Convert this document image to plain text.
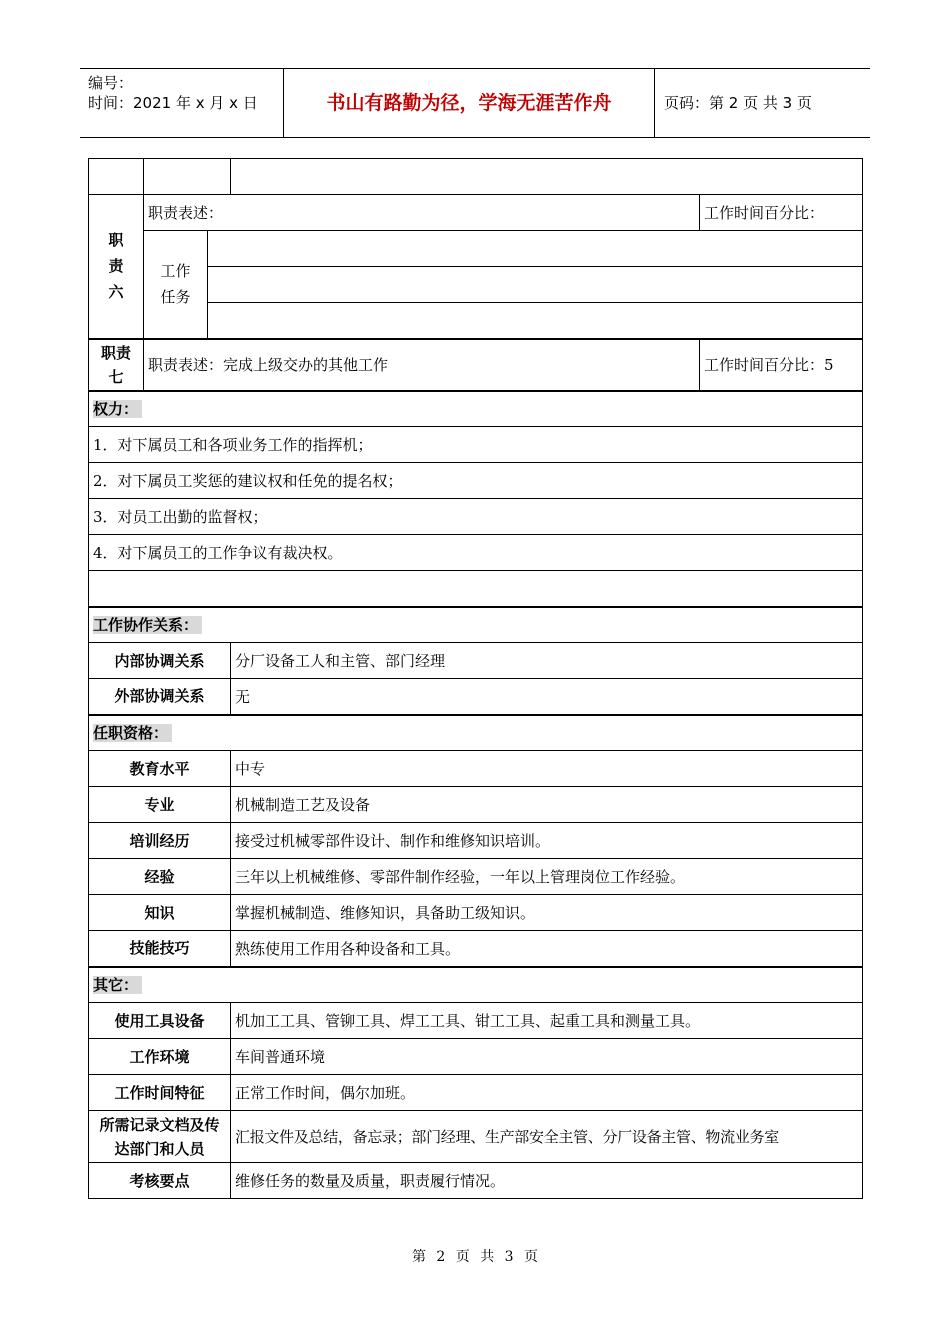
编号：
时间：2021 年 x 月 x 日	书山有路勤为径，学海无涯苦作舟	页码：第 2 页 共 3 页

职责六	职责表述：			工作时间百分比：

	工作任务			

职责七	职责表述：完成上级交办的其他工作			工作时间百分比：5
权力：				
1．对下属员工和各项业务工作的指挥机；				
2．对下属员工奖惩的建议权和任免的提名权；				
3．对员工出勤的监督权；				
4．对下属员工的工作争议有裁决权。				

工作协作关系：				
内部协调关系			分厂设备工人和主管、部门经理	
外部协调关系			无	
任职资格：				
教育水平			中专	
专业			机械制造工艺及设备	
培训经历			接受过机械零部件设计、制作和维修知识培训。	
经验			三年以上机械维修、零部件制作经验，一年以上管理岗位工作经验。	
知识			掌握机械制造、维修知识，具备助工级知识。	
技能技巧			熟练使用工作用各种设备和工具。	
其它：				
使用工具设备			机加工工具、管铆工具、焊工工具、钳工工具、起重工具和测量工具。	
工作环境			车间普通环境	
工作时间特征			正常工作时间，偶尔加班。	

所需记录文档及传达部门和人员			汇报文件及总结，备忘录；部门经理、生产部安全主管、分厂设备主管、物流业务室	
考核要点			维修任务的数量及质量，职责履行情况。	
第 2 页 共 3 页
